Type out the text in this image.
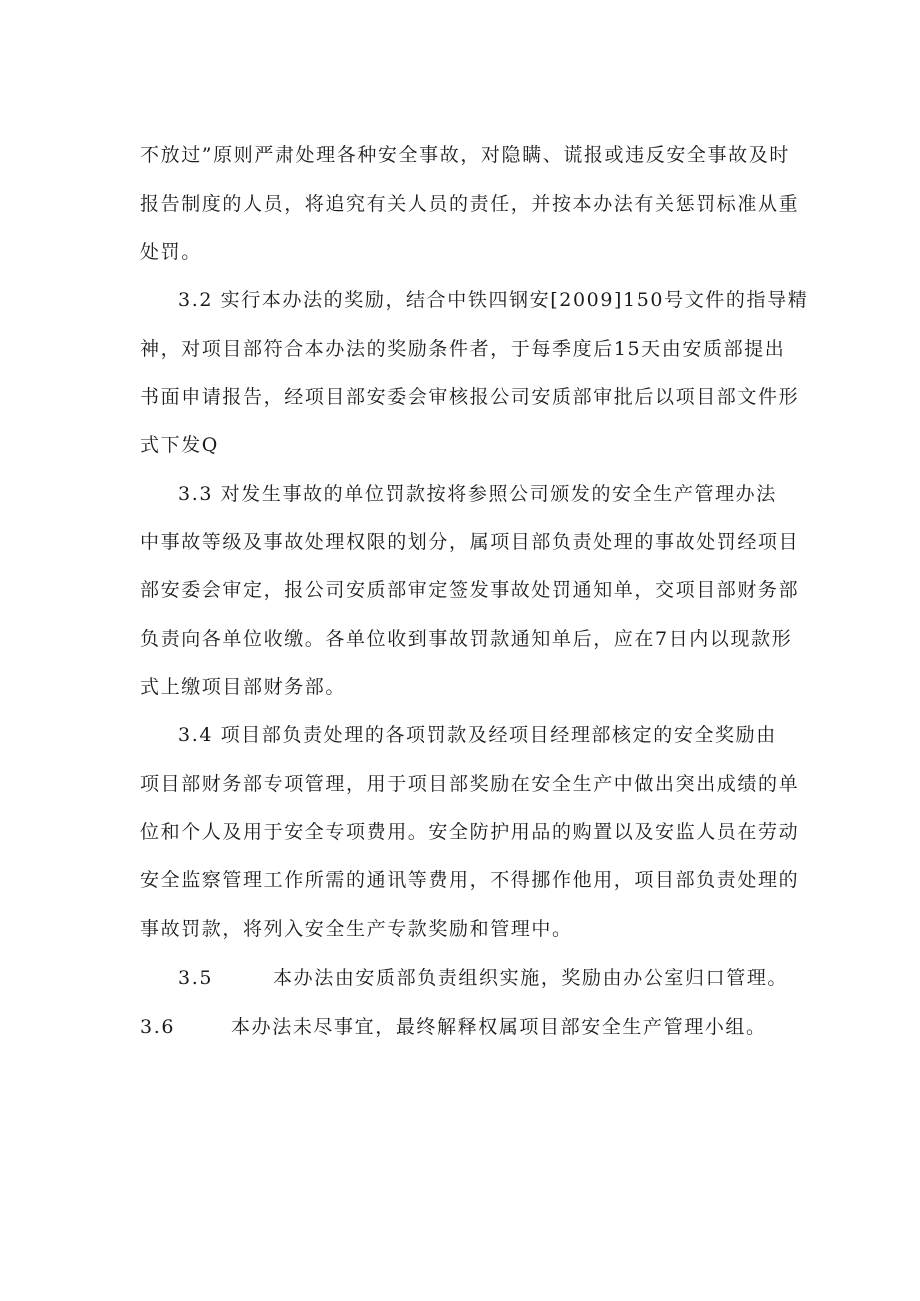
不放过”原则严肃处理各种安全事故，对隐瞒、谎报或违反安全事故及时
报告制度的人员，将追究有关人员的责任，并按本办法有关惩罚标准从重
处罚。
3.2 实行本办法的奖励，结合中铁四钢安[2009]150号文件的指导精
神，对项目部符合本办法的奖励条件者，于每季度后15天由安质部提出
书面申请报告，经项目部安委会审核报公司安质部审批后以项目部文件形
式下发Q
3.3 对发生事故的单位罚款按将参照公司颁发的安全生产管理办法
中事故等级及事故处理权限的划分，属项目部负责处理的事故处罚经项目
部安委会审定，报公司安质部审定签发事故处罚通知单，交项目部财务部
负责向各单位收缴。各单位收到事故罚款通知单后，应在7日内以现款形
式上缴项目部财务部。
3.4 项目部负责处理的各项罚款及经项目经理部核定的安全奖励由
项目部财务部专项管理，用于项目部奖励在安全生产中做出突出成绩的单
位和个人及用于安全专项费用。安全防护用品的购置以及安监人员在劳动
安全监察管理工作所需的通讯等费用，不得挪作他用，项目部负责处理的
事故罚款，将列入安全生产专款奖励和管理中。
3.5	本办法由安质部负责组织实施，奖励由办公室归口管理。
3.6	本办法未尽事宜，最终解释权属项目部安全生产管理小组。
